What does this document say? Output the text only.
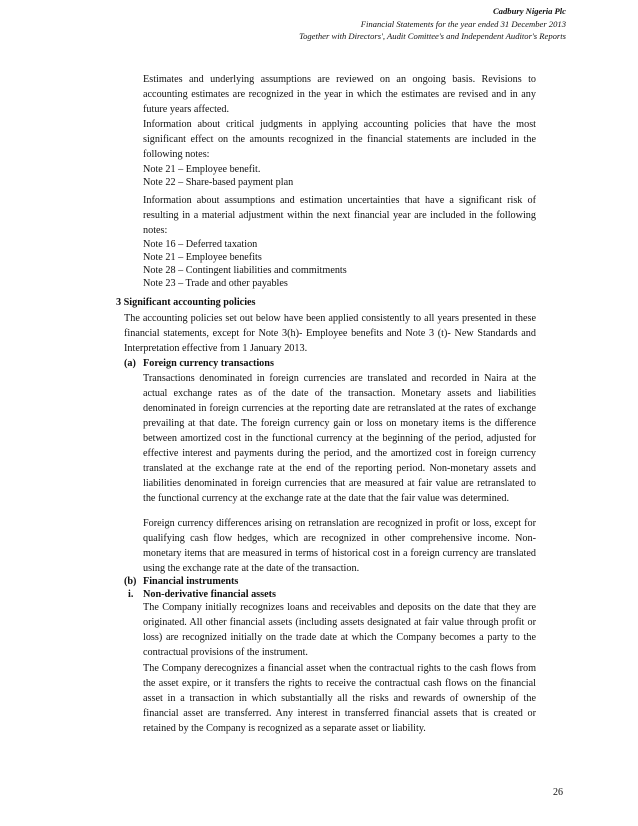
Cadbury Nigeria Plc
Financial Statements for the year ended 31 December 2013
Together with Directors', Audit Comittee's and Independent Auditor's Reports

Estimates and underlying assumptions are reviewed on an ongoing basis. Revisions to accounting estimates are recognized in the year in which the estimates are revised and in any future years affected.

Information about critical judgments in applying accounting policies that have the most significant effect on the amounts recognized in the financial statements are included in the following notes:

Note 21 – Employee benefit.

Note 22 – Share-based payment plan

Information about assumptions and estimation uncertainties that have a significant risk of resulting in a material adjustment within the next financial year are included in the following notes:

Note 16 – Deferred taxation

Note 21 – Employee benefits

Note 28 – Contingent liabilities and commitments

Note 23 – Trade and other payables

3 Significant accounting policies

The accounting policies set out below have been applied consistently to all years presented in these financial statements, except for Note 3(h)- Employee benefits and Note 3 (t)- New Standards and Interpretation effective from 1 January 2013.

(a) Foreign currency transactions

Transactions denominated in foreign currencies are translated and recorded in Naira at the actual exchange rates as of the date of the transaction. Monetary assets and liabilities denominated in foreign currencies at the reporting date are retranslated at the rates of exchange prevailing at that date. The foreign currency gain or loss on monetary items is the difference between amortized cost in the functional currency at the beginning of the period, adjusted for effective interest and payments during the period, and the amortized cost in foreign currency translated at the exchange rate at the end of the reporting period. Non-monetary assets and liabilities denominated in foreign currencies that are measured at fair value are retranslated to the functional currency at the exchange rate at the date that the fair value was determined.

Foreign currency differences arising on retranslation are recognized in profit or loss, except for qualifying cash flow hedges, which are recognized in other comprehensive income. Non-monetary items that are measured in terms of historical cost in a foreign currency are translated using the exchange rate at the date of the transaction.

(b) Financial instruments

i. Non-derivative financial assets

The Company initially recognizes loans and receivables and deposits on the date that they are originated. All other financial assets (including assets designated at fair value through profit or loss) are recognized initially on the trade date at which the Company becomes a party to the contractual provisions of the instrument.

The Company derecognizes a financial asset when the contractual rights to the cash flows from the asset expire, or it transfers the rights to receive the contractual cash flows on the financial asset in a transaction in which substantially all the risks and rewards of ownership of the financial asset are transferred. Any interest in transferred financial assets that is created or retained by the Company is recognized as a separate asset or liability.

26
